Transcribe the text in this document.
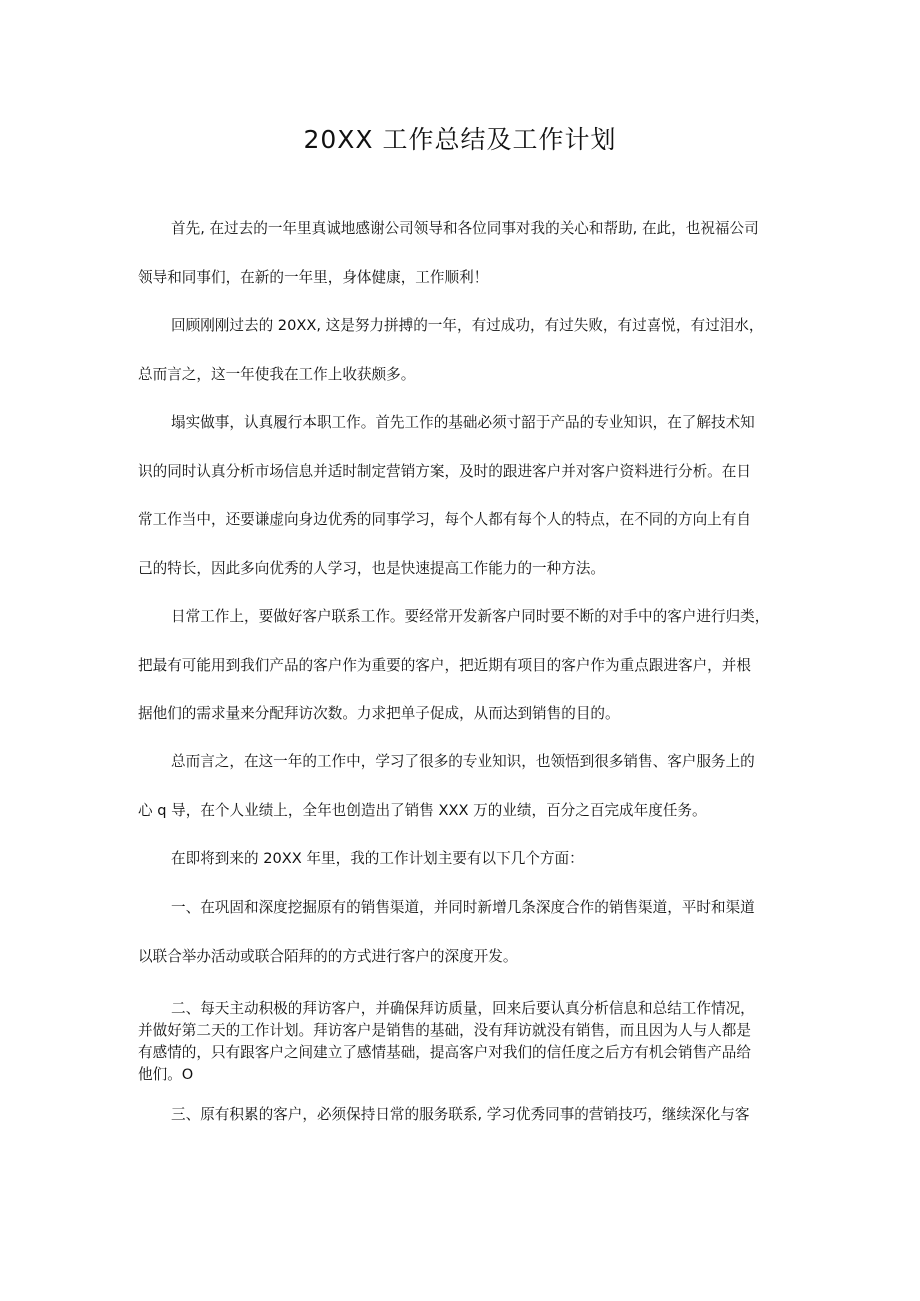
20XX 工作总结及工作计划
首先, 在过去的一年里真诚地感谢公司领导和各位同事对我的关心和帮助, 在此，也祝福公司
领导和同事们，在新的一年里，身体健康，工作顺利！
回顾刚刚过去的 20XX, 这是努力拼搏的一年，有过成功，有过失败，有过喜悦，有过泪水，
总而言之，这一年使我在工作上收获颇多。
塌实做事，认真履行本职工作。首先工作的基础必须寸韶于产品的专业知识，在了解技术知
识的同时认真分析市场信息并适时制定营销方案，及时的跟进客户并对客户资料进行分析。在日
常工作当中，还要谦虚向身边优秀的同事学习，每个人都有每个人的特点，在不同的方向上有自
己的特长，因此多向优秀的人学习，也是快速提高工作能力的一种方法。
日常工作上，要做好客户联系工作。要经常开发新客户同时要不断的对手中的客户进行归类，
把最有可能用到我们产品的客户作为重要的客户，把近期有项目的客户作为重点跟进客户，并根
据他们的需求量来分配拜访次数。力求把单子促成，从而达到销售的目的。
总而言之，在这一年的工作中，学习了很多的专业知识，也领悟到很多销售、客户服务上的
心 q 导，在个人业绩上，全年也创造出了销售 XXX 万的业绩，百分之百完成年度任务。
在即将到来的 20XX 年里，我的工作计划主要有以下几个方面：
一、在巩固和深度挖掘原有的销售渠道，并同时新增几条深度合作的销售渠道，平时和渠道
以联合举办活动或联合陌拜的的方式进行客户的深度开发。
二、每天主动积极的拜访客户，并确保拜访质量，回来后要认真分析信息和总结工作情况，
并做好第二天的工作计划。拜访客户是销售的基础，没有拜访就没有销售，而且因为人与人都是
有感情的，只有跟客户之间建立了感情基础，提高客户对我们的信任度之后方有机会销售产品给
他们。O
三、原有积累的客户，必须保持日常的服务联系, 学习优秀同事的营销技巧，继续深化与客
